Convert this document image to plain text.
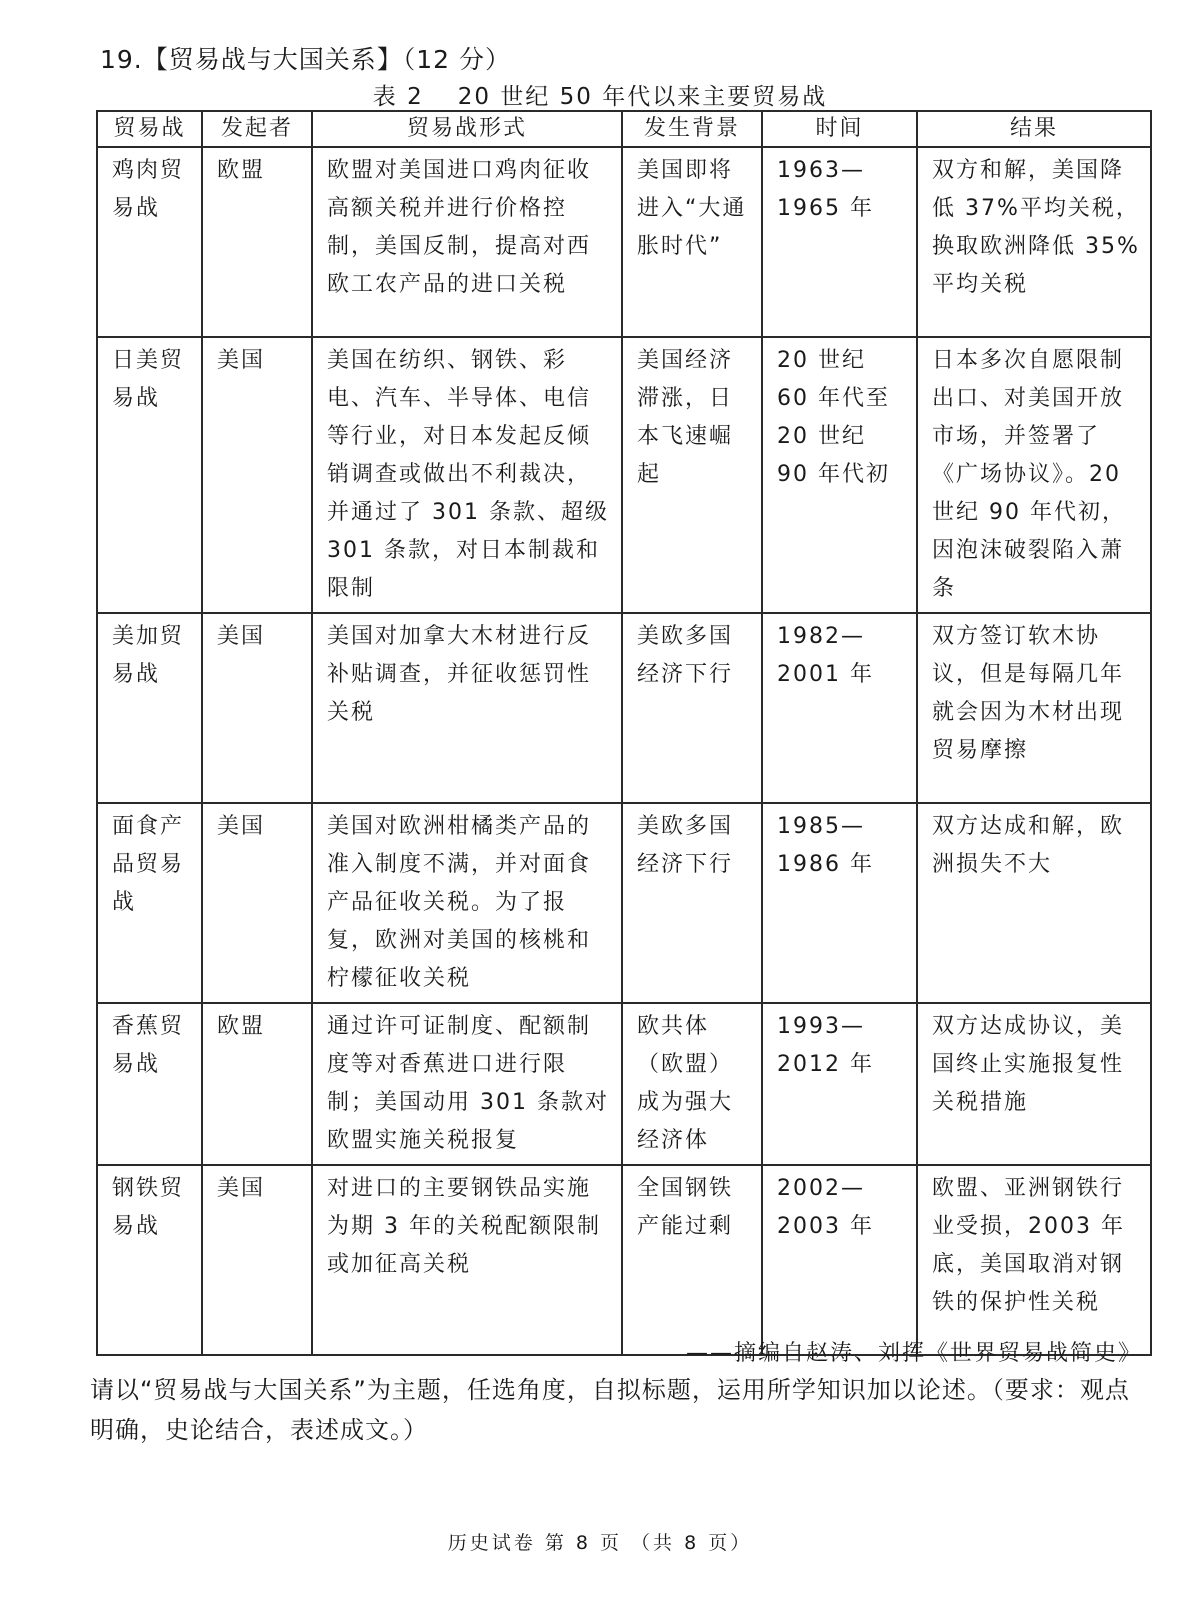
19.【贸易战与大国关系】（12 分）
表 2 20 世纪 50 年代以来主要贸易战
贸易战	发起者	贸易战形式	发生背景	时间	结果
鸡肉贸易战	欧盟	欧盟对美国进口鸡肉征收高额关税并进行价格控制，美国反制，提高对西欧工农产品的进口关税	美国即将进入“大通胀时代”	1963—1965 年	双方和解，美国降低 37%平均关税，换取欧洲降低 35%平均关税
日美贸易战	美国	美国在纺织、钢铁、彩电、汽车、半导体、电信等行业，对日本发起反倾销调查或做出不利裁决，并通过了 301 条款、超级 301 条款，对日本制裁和限制	美国经济滞涨，日本飞速崛起	20 世纪 60 年代至 20 世纪 90 年代初	日本多次自愿限制出口、对美国开放市场，并签署了《广场协议》。20 世纪 90 年代初，因泡沫破裂陷入萧条
美加贸易战	美国	美国对加拿大木材进行反补贴调查，并征收惩罚性关税	美欧多国经济下行	1982—2001 年	双方签订软木协议，但是每隔几年就会因为木材出现贸易摩擦
面食产品贸易战	美国	美国对欧洲柑橘类产品的准入制度不满，并对面食产品征收关税。为了报复，欧洲对美国的核桃和柠檬征收关税	美欧多国经济下行	1985—1986 年	双方达成和解，欧洲损失不大
香蕉贸易战	欧盟	通过许可证制度、配额制度等对香蕉进口进行限制；美国动用 301 条款对欧盟实施关税报复	欧共体（欧盟）成为强大经济体	1993—2012 年	双方达成协议，美国终止实施报复性关税措施
钢铁贸易战	美国	对进口的主要钢铁品实施为期 3 年的关税配额限制或加征高关税	全国钢铁产能过剩	2002—2003 年	欧盟、亚洲钢铁行业受损，2003 年底，美国取消对钢铁的保护性关税
——摘编自赵涛、刘挥《世界贸易战简史》
请以“贸易战与大国关系”为主题，任选角度，自拟标题，运用所学知识加以论述。（要求：观点明确，史论结合，表述成文。）
历史试卷 第 8 页 （共 8 页）
